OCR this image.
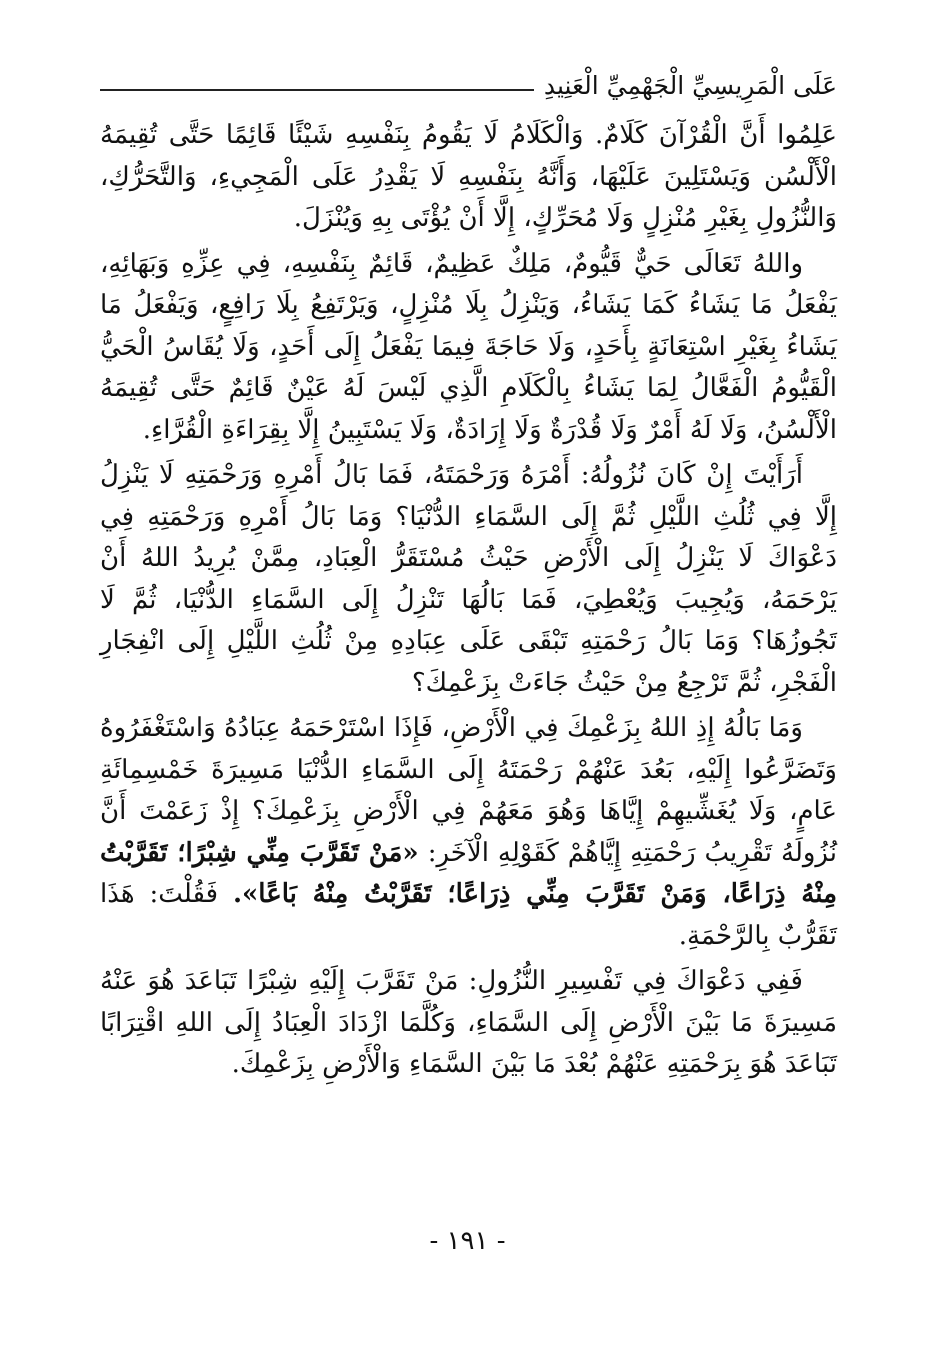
عَلَى الْمَرِيسِيِّ الْجَهْمِيِّ الْعَنِيدِ

عَلِمُوا أَنَّ الْقُرْآنَ كَلَامٌ. وَالْكَلَامُ لَا يَقُومُ بِنَفْسِهِ شَيْئًا قَائِمًا حَتَّى تُقِيمَهُ الْأَلْسُن وَيَسْتَلِينَ عَلَيْهَا، وَأَنَّهُ بِنَفْسِهِ لَا يَقْدِرُ عَلَى الْمَجِيءِ، وَالتَّحَرُّكِ، وَالنُّزُولِ بِغَيْرِ مُنْزِلٍ وَلَا مُحَرِّكٍ، إِلَّا أَنْ يُؤْتَى بِهِ وَيُنْزَلَ.

واللهُ تَعَالَى حَيٌّ قَيُّومٌ، مَلِكٌ عَظِيمٌ، قَائِمٌ بِنَفْسِهِ، فِي عِزِّهِ وَبَهَائِهِ، يَفْعَلُ مَا يَشَاءُ كَمَا يَشَاءُ، وَيَنْزِلُ بِلَا مُنْزِلٍ، وَيَرْتَفِعُ بِلَا رَافِعٍ، وَيَفْعَلُ مَا يَشَاءُ بِغَيْرِ اسْتِعَانَةٍ بِأَحَدٍ، وَلَا حَاجَةَ فِيمَا يَفْعَلُ إِلَى أَحَدٍ، وَلَا يُقَاسُ الْحَيُّ الْقَيُّومُ الْفَعَّالُ لِمَا يَشَاءُ بِالْكَلَامِ الَّذِي لَيْسَ لَهُ عَيْنٌ قَائِمٌ حَتَّى تُقِيمَهُ الْأَلْسُنُ، وَلَا لَهُ أَمْرٌ وَلَا قُدْرَةٌ وَلَا إِرَادَةٌ، وَلَا يَسْتَبِينُ إِلَّا بِقِرَاءَةِ الْقُرَّاءِ.

أَرَأَيْتَ إِنْ كَانَ نُزُولُهُ: أَمْرَهُ وَرَحْمَتَهُ، فَمَا بَالُ أَمْرِهِ وَرَحْمَتِهِ لَا يَنْزِلُ إِلَّا فِي ثُلُثِ اللَّيْلِ ثُمَّ إِلَى السَّمَاءِ الدُّنْيَا؟ وَمَا بَالُ أَمْرِهِ وَرَحْمَتِهِ فِي دَعْوَاكَ لَا يَنْزِلُ إِلَى الْأَرْضِ حَيْثُ مُسْتَقَرُّ الْعِبَادِ، مِمَّنْ يُرِيدُ اللهُ أَنْ يَرْحَمَهُ، وَيُجِيبَ وَيُعْطِيَ، فَمَا بَالُهَا تَنْزِلُ إِلَى السَّمَاءِ الدُّنْيَا، ثُمَّ لَا تَجُوزُهَا؟ وَمَا بَالُ رَحْمَتِهِ تَبْقَى عَلَى عِبَادِهِ مِنْ ثُلُثِ اللَّيْلِ إِلَى انْفِجَارِ الْفَجْرِ، ثُمَّ تَرْجِعُ مِنْ حَيْثُ جَاءَتْ بِزَعْمِكَ؟

وَمَا بَالُهُ إِذِ اللهُ بِزَعْمِكَ فِي الْأَرْضِ، فَإِذَا اسْتَرْحَمَهُ عِبَادُهُ وَاسْتَغْفَرُوهُ وَتَضَرَّعُوا إِلَيْهِ، بَعُدَ عَنْهُمْ رَحْمَتَهُ إِلَى السَّمَاءِ الدُّنْيَا مَسِيرَةَ خَمْسِمِائَةِ عَامٍ، وَلَا يُغَشِّيهِمْ إِيَّاهَا وَهُوَ مَعَهُمْ فِي الْأَرْضِ بِزَعْمِكَ؟ إِذْ زَعَمْتَ أَنَّ نُزُولَهُ تَقْرِيبُ رَحْمَتِهِ إِيَّاهُمْ كَقَوْلِهِ الْآخَرِ: «مَنْ تَقَرَّبَ مِنِّي شِبْرًا؛ تَقَرَّبْتُ مِنْهُ ذِرَاعًا، وَمَنْ تَقَرَّبَ مِنِّي ذِرَاعًا؛ تَقَرَّبْتُ مِنْهُ بَاعًا». فَقُلْتَ: هَذَا تَقَرُّبٌ بِالرَّحْمَةِ.

فَفِي دَعْوَاكَ فِي تَفْسِيرِ النُّزُولِ: مَنْ تَقَرَّبَ إِلَيْهِ شِبْرًا تَبَاعَدَ هُوَ عَنْهُ مَسِيرَةَ مَا بَيْنَ الْأَرْضِ إِلَى السَّمَاءِ، وَكُلَّمَا ازْدَادَ الْعِبَادُ إِلَى اللهِ اقْتِرَابًا تَبَاعَدَ هُوَ بِرَحْمَتِهِ عَنْهُمْ بُعْدَ مَا بَيْنَ السَّمَاءِ وَالْأَرْضِ بِزَعْمِكَ.

- ١٩١ -
